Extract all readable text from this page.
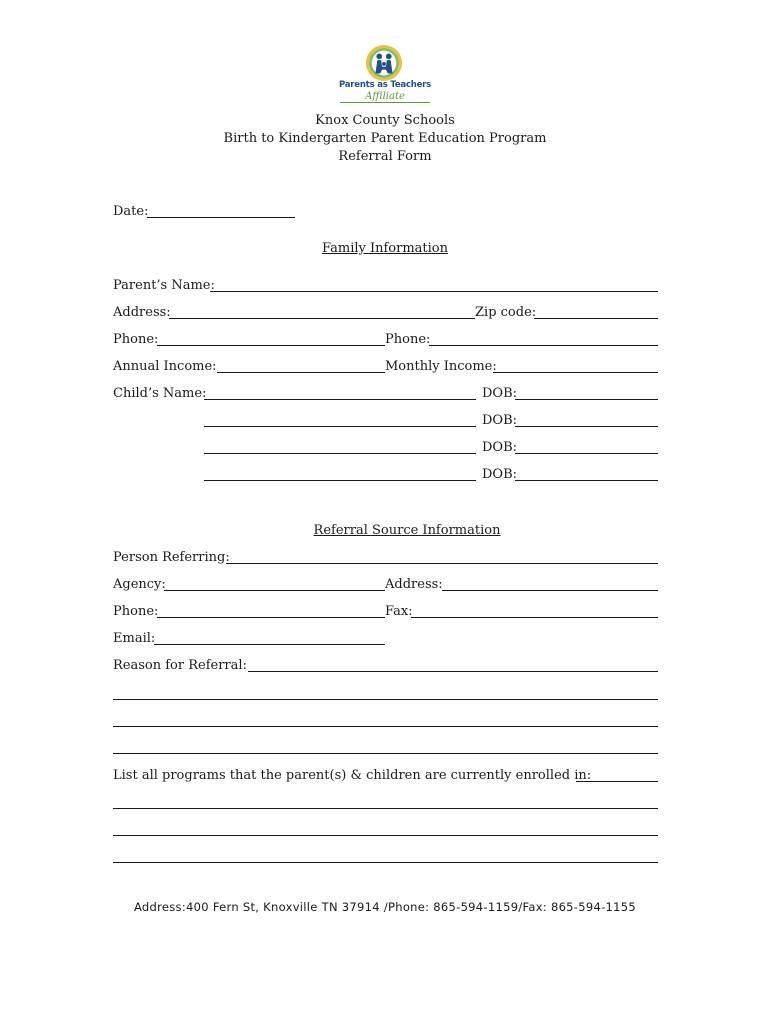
Parents as Teachers
Affiliate
Knox County Schools
Birth to Kindergarten Parent Education Program
Referral Form
Date:
Family Information
Parent’s Name:
Address:	Zip code:
Phone:	Phone:
Annual Income:	Monthly Income:
Child’s Name:	DOB:
DOB:
DOB:
DOB:
Referral Source Information
Person Referring:
Agency:	Address:
Phone:	Fax:
Email:
Reason for Referral:
List all programs that the parent(s) & children are currently enrolled in:
Address:400 Fern St, Knoxville TN 37914 /Phone: 865-594-1159/Fax: 865-594-1155
